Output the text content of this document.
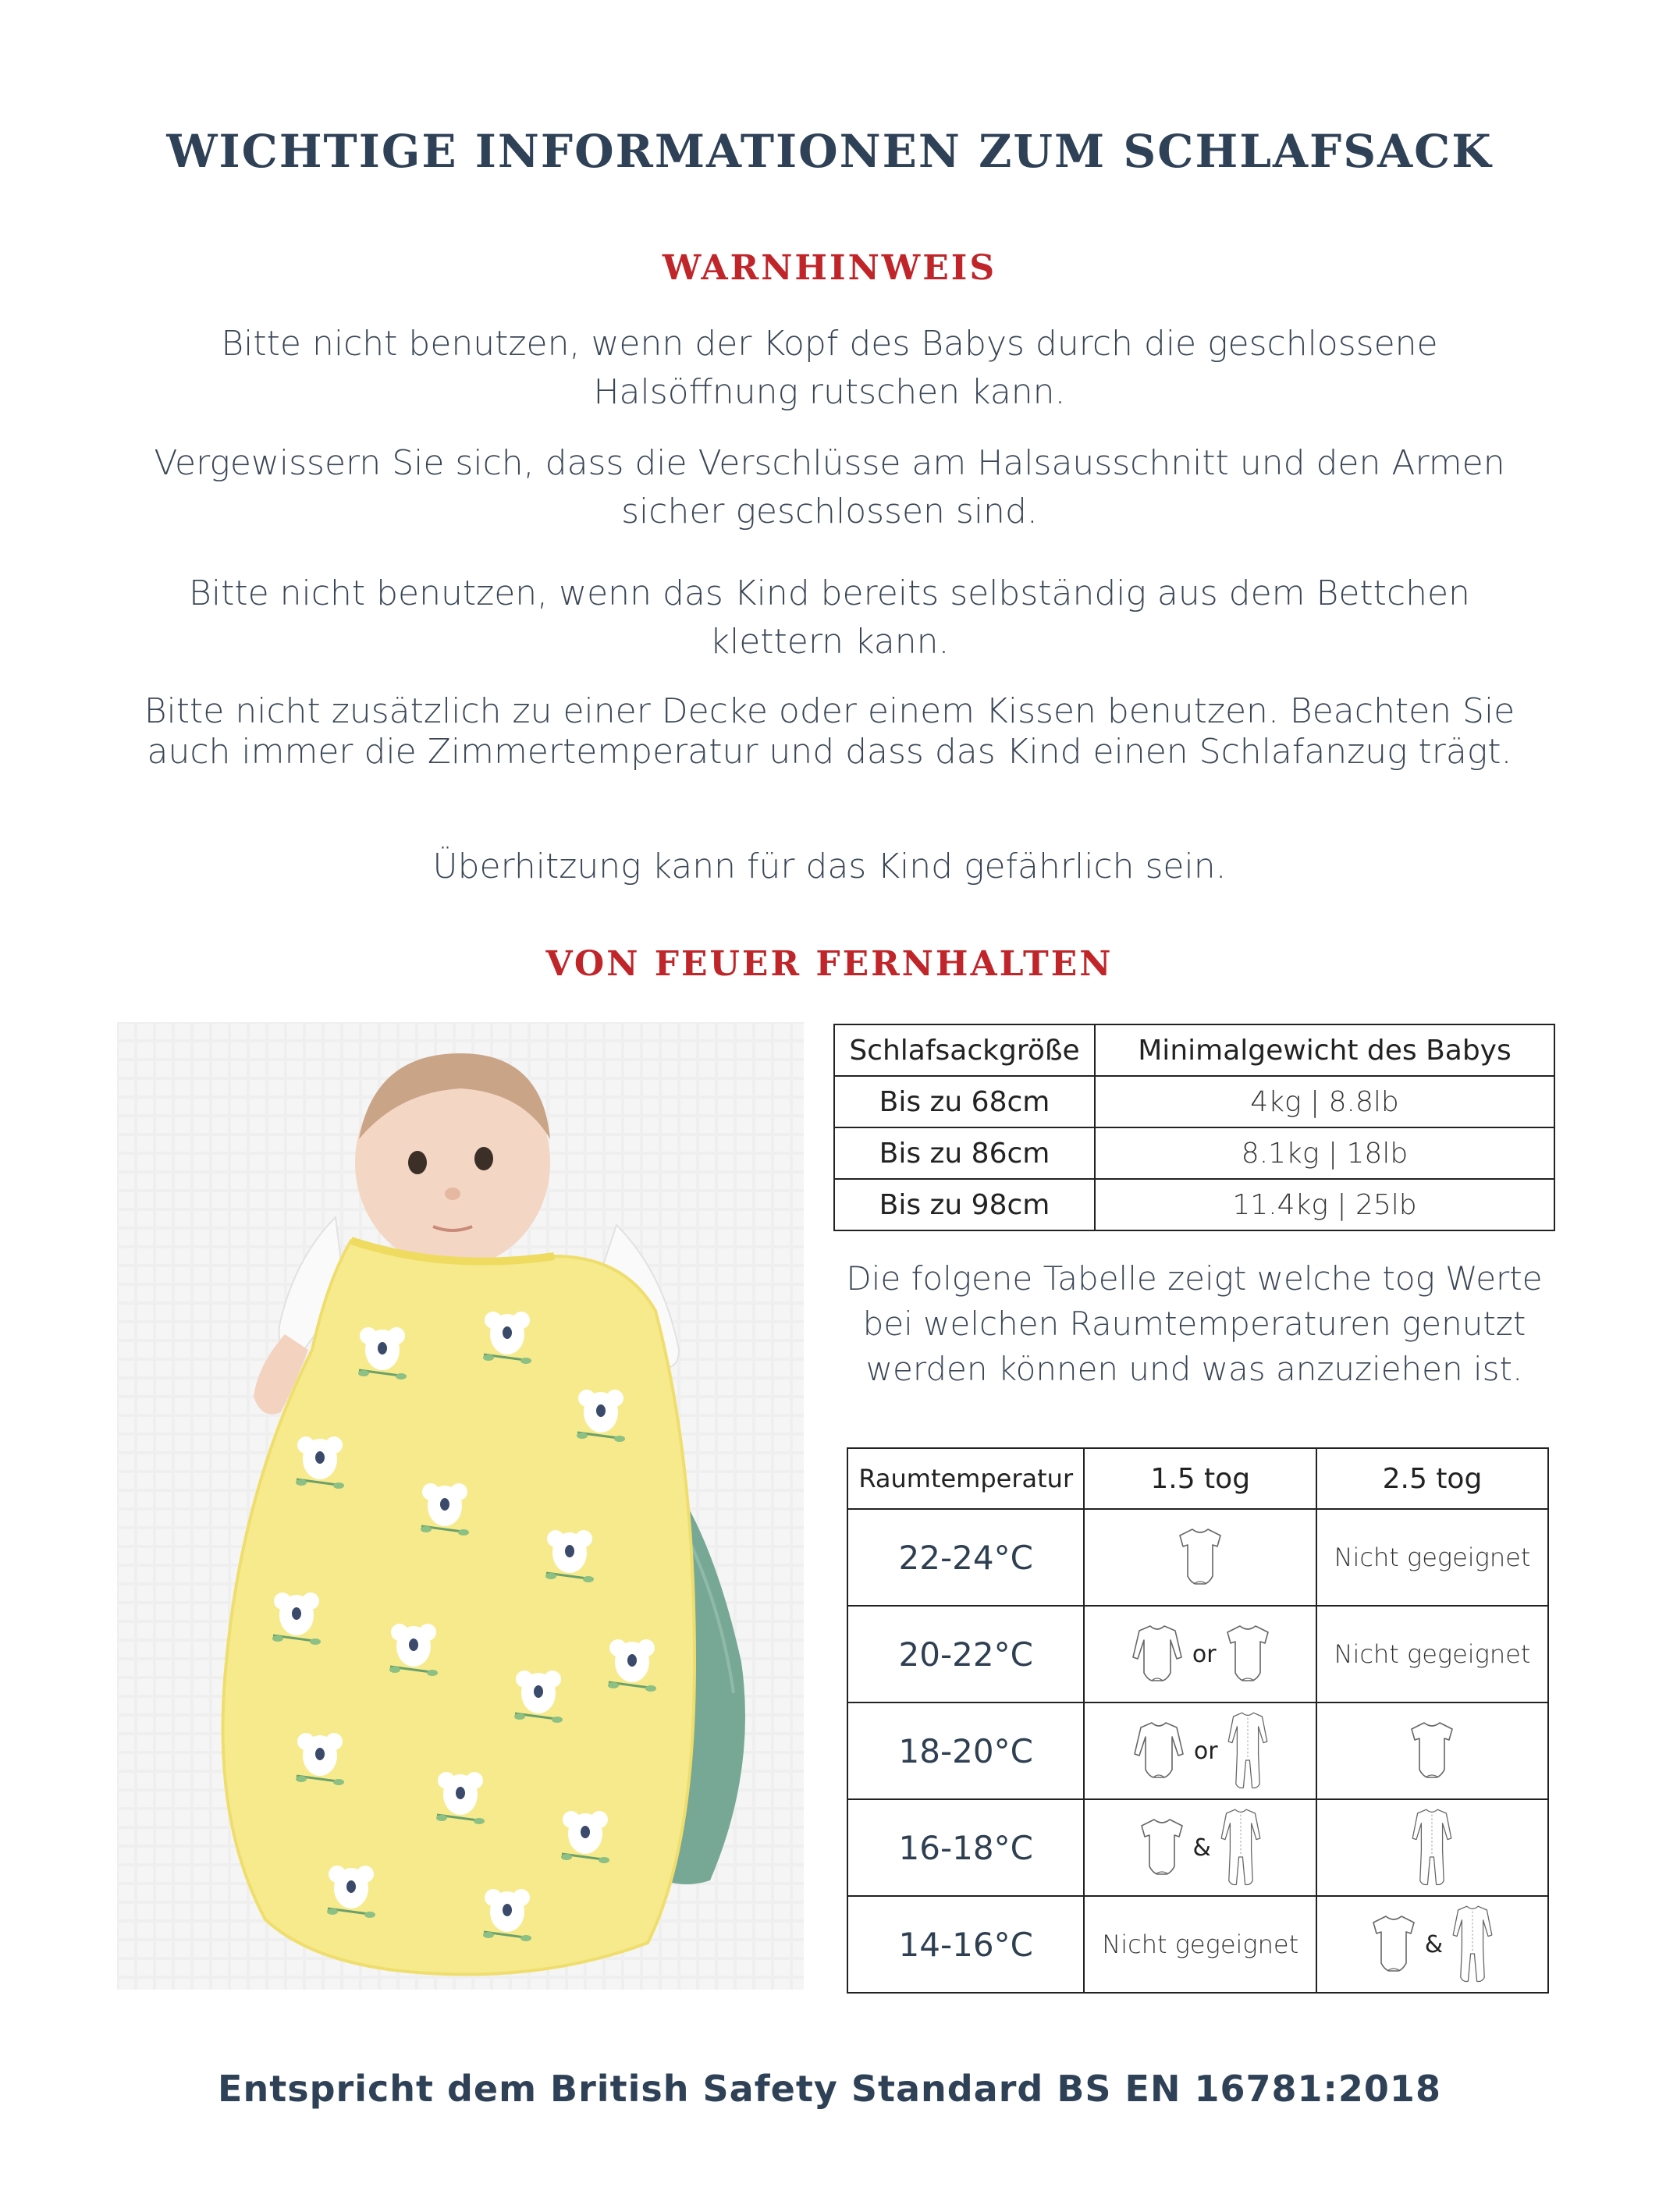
WICHTIGE INFORMATIONEN ZUM SCHLAFSACK
WARNHINWEIS
Bitte nicht benutzen, wenn der Kopf des Babys durch die geschlossene Halsöffnung rutschen kann.
Vergewissern Sie sich, dass die Verschlüsse am Halsausschnitt und den Armen sicher geschlossen sind.
Bitte nicht benutzen, wenn das Kind bereits selbständig aus dem Bettchen klettern kann.
Bitte nicht zusätzlich zu einer Decke oder einem Kissen benutzen. Beachten Sie auch immer die Zimmertemperatur und dass das Kind einen Schlafanzug trägt.
Überhitzung kann für das Kind gefährlich sein.
VON FEUER FERNHALTEN
Schlafsackgröße	Minimalgewicht des Babys
Bis zu 68cm	4kg | 8.8lb
Bis zu 86cm	8.1kg | 18lb
Bis zu 98cm	11.4kg | 25lb
Die folgene Tabelle zeigt welche tog Werte bei welchen Raumtemperaturen genutzt werden können und was anzuziehen ist.
Raumtemperatur	1.5 tog	2.5 tog
22-24°C		Nicht gegeignet
20-22°C	or	Nicht gegeignet
18-20°C	or

16-18°C	&

14-16°C	Nicht gegeignet	&
Entspricht dem British Safety Standard BS EN 16781:2018
